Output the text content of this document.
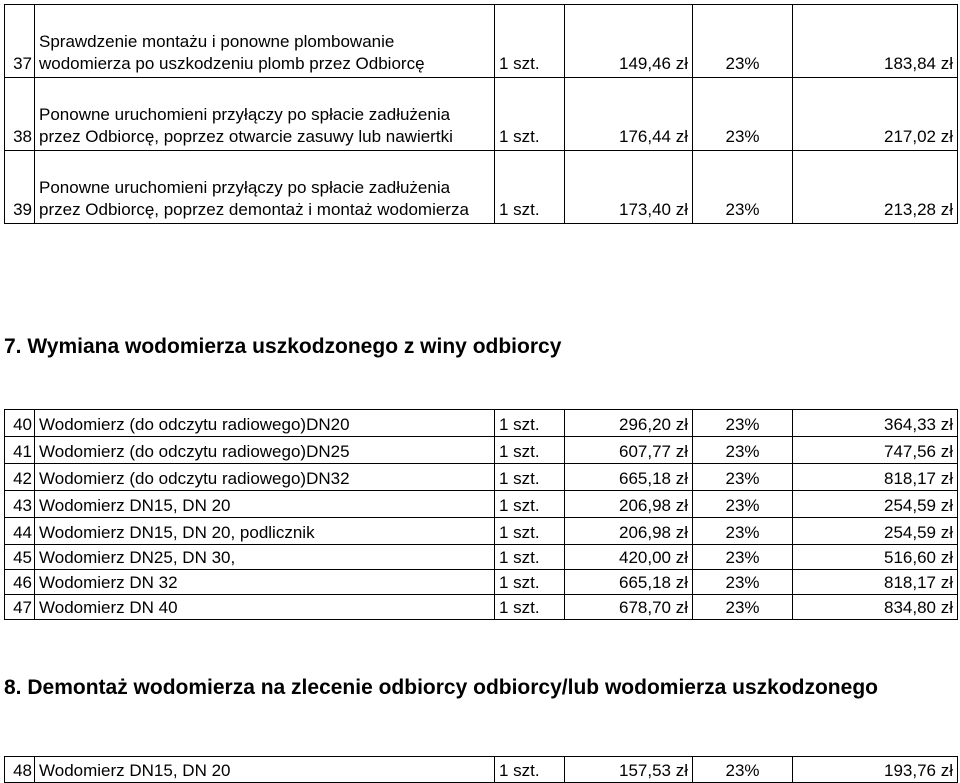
37	Sprawdzenie montażu i ponowne plombowanie wodomierza po uszkodzeniu plomb przez Odbiorcę	1 szt.	149,46 zł	23%	183,84 zł
38	Ponowne uruchomieni przyłączy po spłacie zadłużenia przez Odbiorcę, poprzez otwarcie zasuwy lub nawiertki	1 szt.	176,44 zł	23%	217,02 zł
39	Ponowne uruchomieni przyłączy po spłacie zadłużenia przez Odbiorcę, poprzez demontaż i montaż wodomierza	1 szt.	173,40 zł	23%	213,28 zł
7. Wymiana wodomierza uszkodzonego z winy odbiorcy
40	Wodomierz (do odczytu radiowego)DN20	1 szt.	296,20 zł	23%	364,33 zł
41	Wodomierz (do odczytu radiowego)DN25	1 szt.	607,77 zł	23%	747,56 zł
42	Wodomierz (do odczytu radiowego)DN32	1 szt.	665,18 zł	23%	818,17 zł
43	Wodomierz DN15, DN 20	1 szt.	206,98 zł	23%	254,59 zł
44	Wodomierz DN15, DN 20, podlicznik	1 szt.	206,98 zł	23%	254,59 zł
45	Wodomierz DN25, DN 30,	1 szt.	420,00 zł	23%	516,60 zł
46	Wodomierz DN 32	1 szt.	665,18 zł	23%	818,17 zł
47	Wodomierz DN 40	1 szt.	678,70 zł	23%	834,80 zł
8. Demontaż wodomierza na zlecenie odbiorcy odbiorcy/lub wodomierza uszkodzonego
48	Wodomierz DN15, DN 20	1 szt.	157,53 zł	23%	193,76 zł
